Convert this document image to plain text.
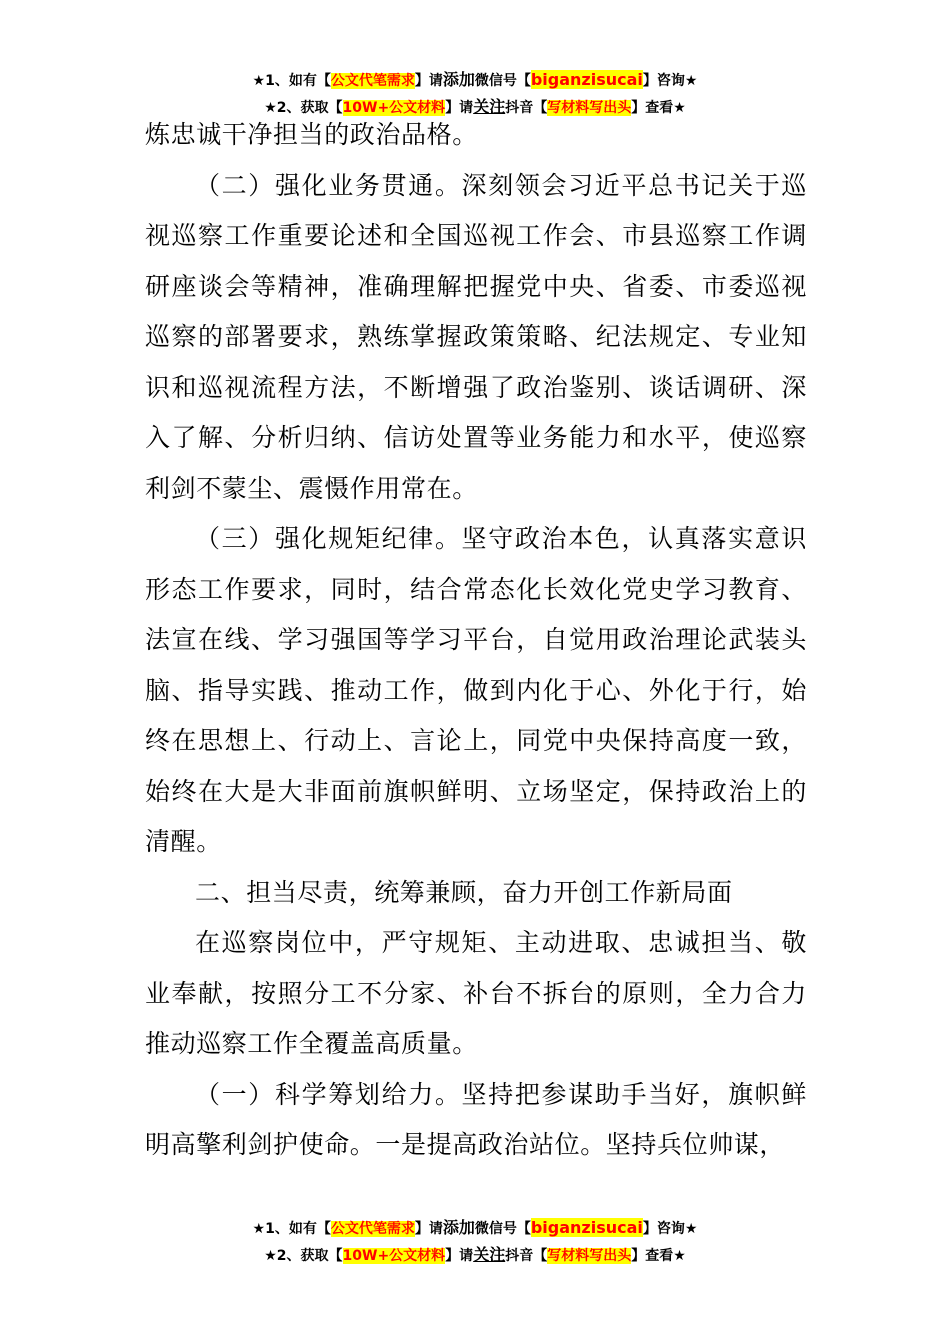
★1、如有【公文代笔需求】请添加微信号【biganzisucai】咨询★
★2、获取【10W+公文材料】请关注抖音【写材料写出头】查看★

炼忠诚干净担当的政治品格。

（二）强化业务贯通。深刻领会习近平总书记关于巡视巡察工作重要论述和全国巡视工作会、市县巡察工作调研座谈会等精神，准确理解把握党中央、省委、市委巡视巡察的部署要求，熟练掌握政策策略、纪法规定、专业知识和巡视流程方法，不断增强了政治鉴别、谈话调研、深入了解、分析归纳、信访处置等业务能力和水平，使巡察利剑不蒙尘、震慑作用常在。

（三）强化规矩纪律。坚守政治本色，认真落实意识形态工作要求，同时，结合常态化长效化党史学习教育、法宣在线、学习强国等学习平台，自觉用政治理论武装头脑、指导实践、推动工作，做到内化于心、外化于行，始终在思想上、行动上、言论上，同党中央保持高度一致，始终在大是大非面前旗帜鲜明、立场坚定，保持政治上的清醒。

二、担当尽责，统筹兼顾，奋力开创工作新局面

在巡察岗位中，严守规矩、主动进取、忠诚担当、敬业奉献，按照分工不分家、补台不拆台的原则，全力合力推动巡察工作全覆盖高质量。

（一）科学筹划给力。坚持把参谋助手当好，旗帜鲜明高擎利剑护使命。一是提高政治站位。坚持兵位帅谋，

★1、如有【公文代笔需求】请添加微信号【biganzisucai】咨询★
★2、获取【10W+公文材料】请关注抖音【写材料写出头】查看★
